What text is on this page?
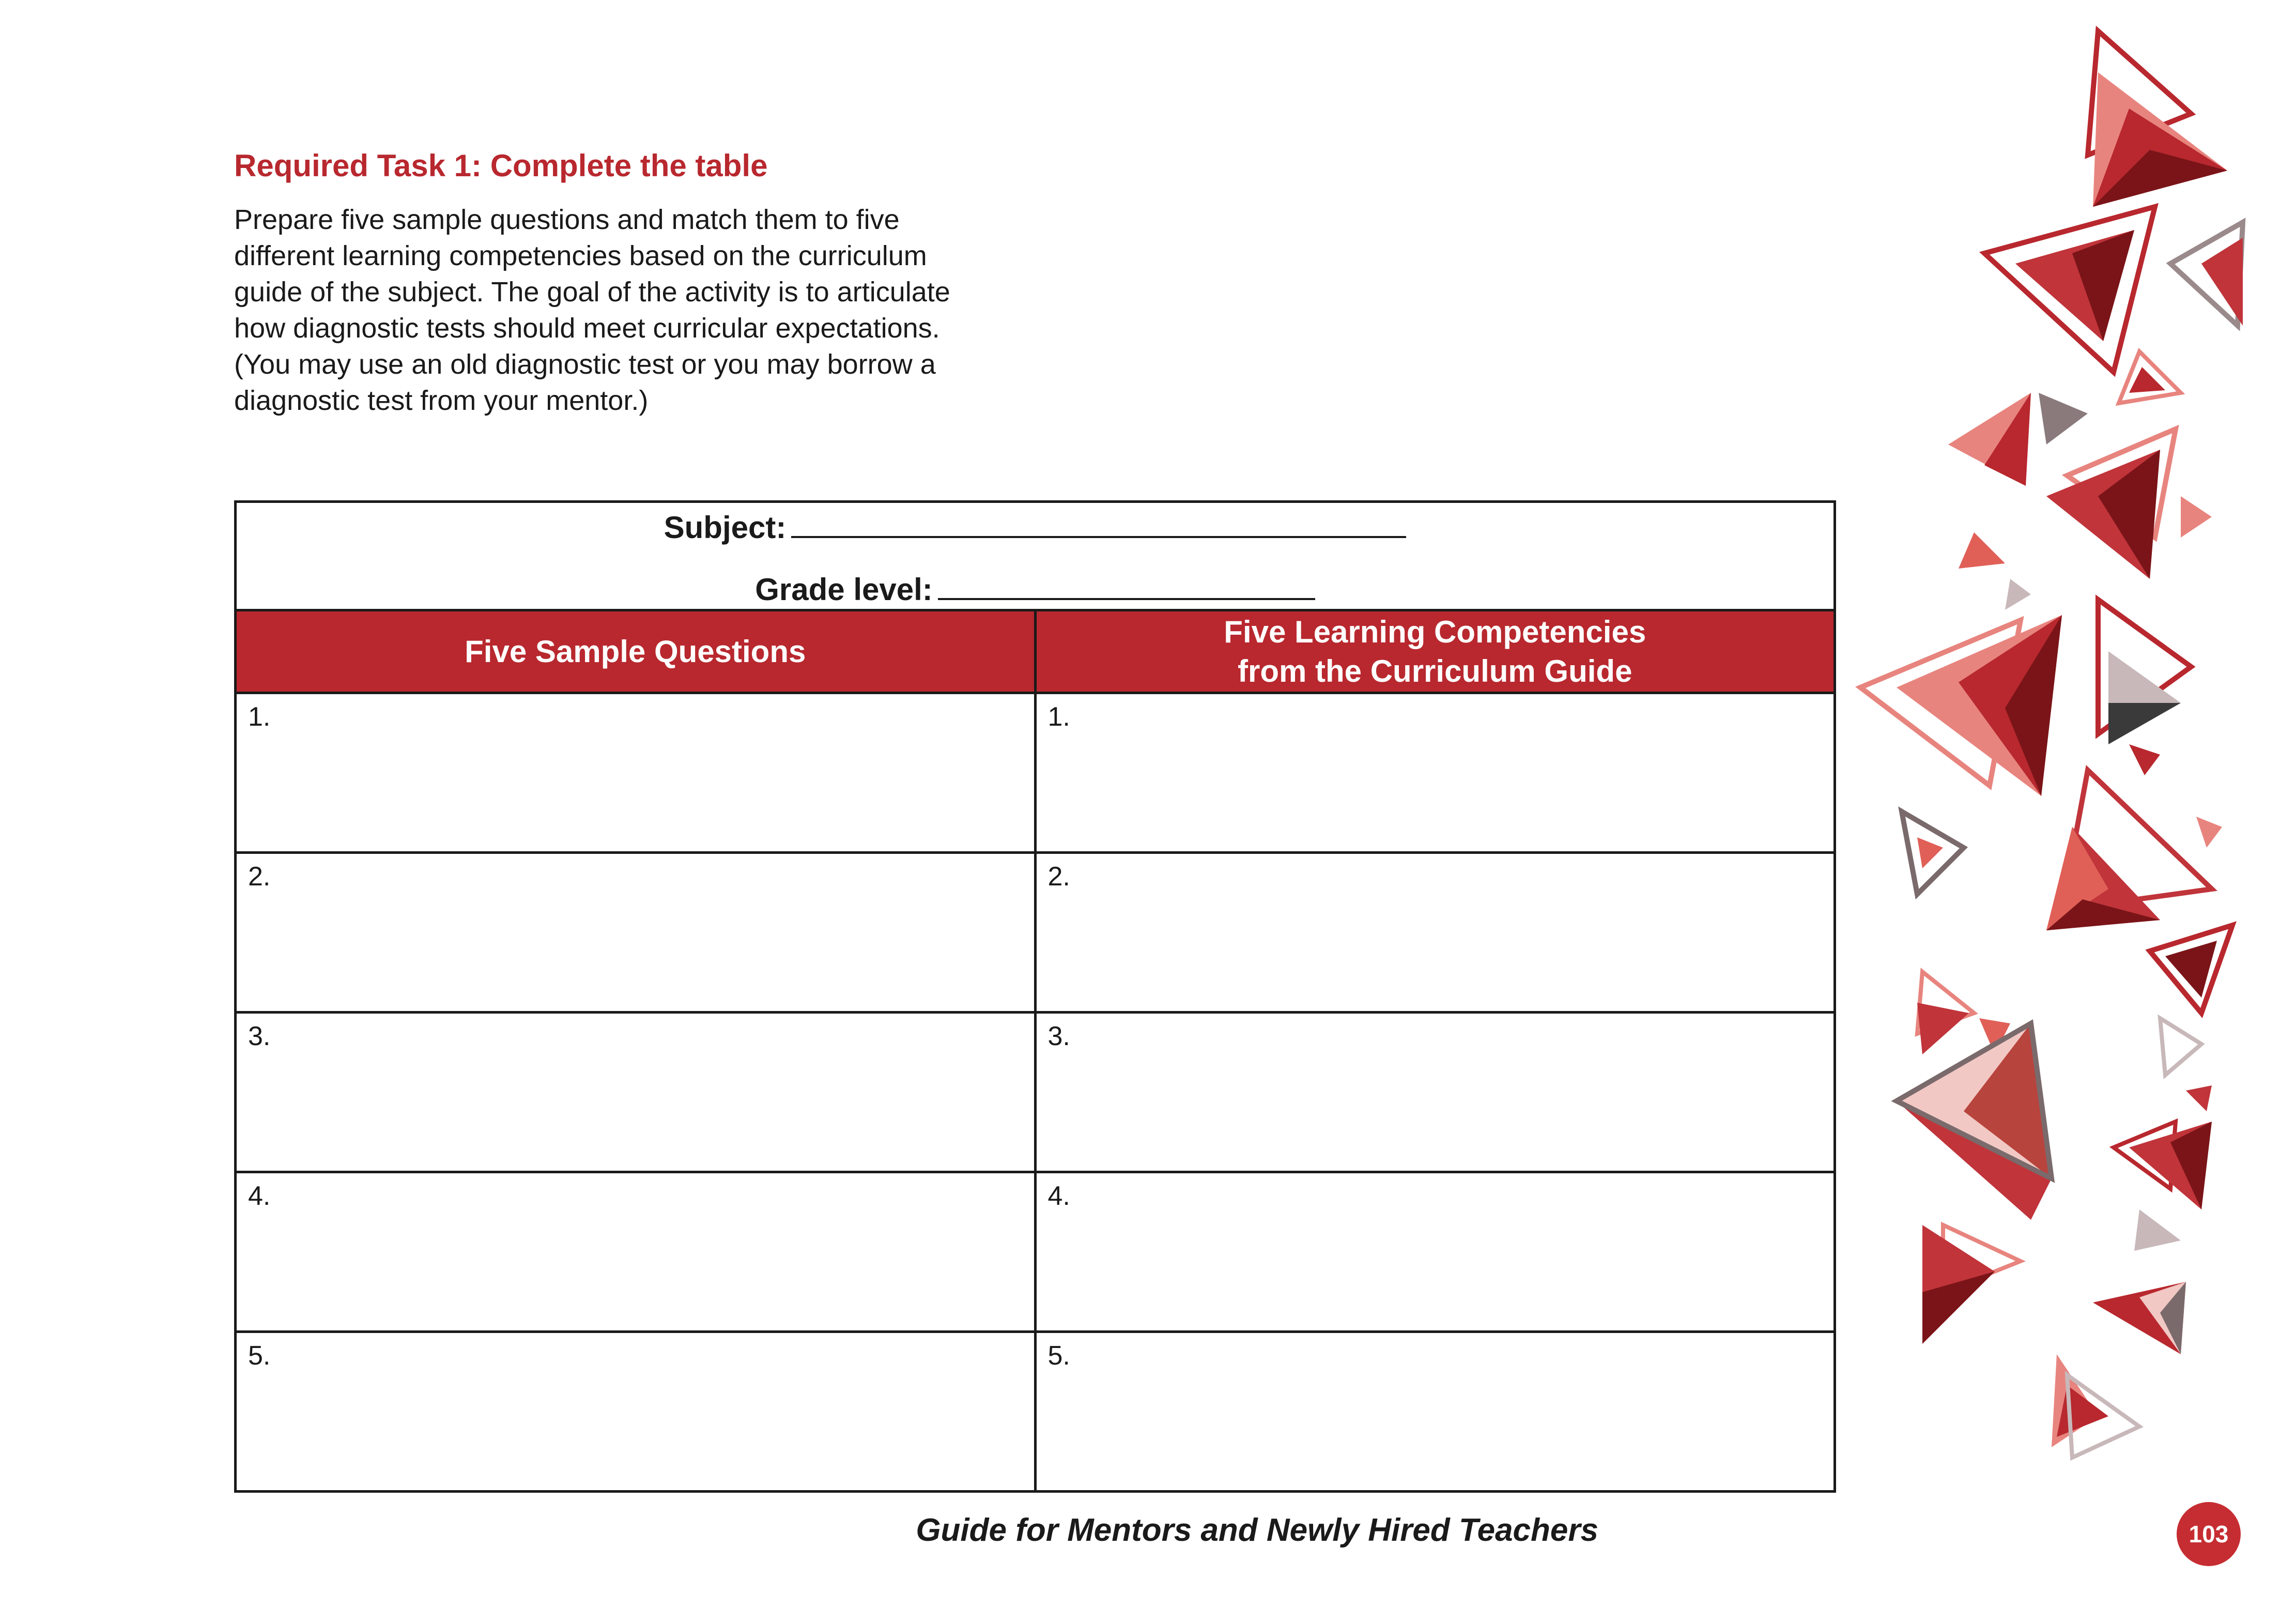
Required Task 1: Complete the table

Prepare five sample questions and match them to five
different learning competencies based on the curriculum
guide of the subject. The goal of the activity is to articulate
how diagnostic tests should meet curricular expectations.
(You may use an old diagnostic test or you may borrow a
diagnostic test from your mentor.)

Subject:
Grade level:	

Five Sample Questions	Five Learning Competencies
from the Curriculum Guide
1.	1.
2.	2.
3.	3.
4.	4.
5.	5.

Guide for Mentors and Newly Hired Teachers	103
